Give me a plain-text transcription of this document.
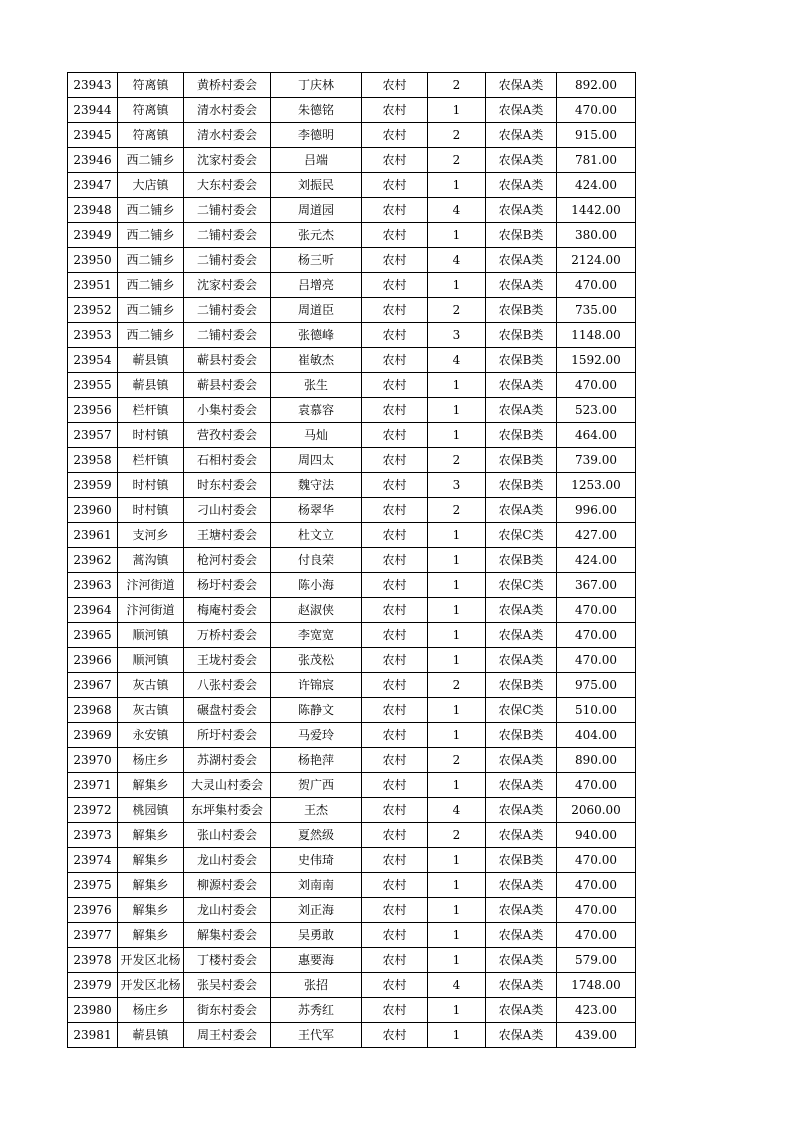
23943	符离镇	黄桥村委会	丁庆林	农村	2	农保A类	892.00
23944	符离镇	清水村委会	朱德铭	农村	1	农保A类	470.00
23945	符离镇	清水村委会	李德明	农村	2	农保A类	915.00
23946	西二铺乡	沈家村委会	吕端	农村	2	农保A类	781.00
23947	大店镇	大东村委会	刘振民	农村	1	农保A类	424.00
23948	西二铺乡	二铺村委会	周道园	农村	4	农保A类	1442.00
23949	西二铺乡	二铺村委会	张元杰	农村	1	农保B类	380.00
23950	西二铺乡	二铺村委会	杨三听	农村	4	农保A类	2124.00
23951	西二铺乡	沈家村委会	吕增亮	农村	1	农保A类	470.00
23952	西二铺乡	二铺村委会	周道臣	农村	2	农保B类	735.00
23953	西二铺乡	二铺村委会	张德峰	农村	3	农保B类	1148.00
23954	蕲县镇	蕲县村委会	崔敏杰	农村	4	农保B类	1592.00
23955	蕲县镇	蕲县村委会	张生	农村	1	农保A类	470.00
23956	栏杆镇	小集村委会	袁慕容	农村	1	农保A类	523.00
23957	时村镇	营孜村委会	马灿	农村	1	农保B类	464.00
23958	栏杆镇	石相村委会	周四太	农村	2	农保B类	739.00
23959	时村镇	时东村委会	魏守法	农村	3	农保B类	1253.00
23960	时村镇	刁山村委会	杨翠华	农村	2	农保A类	996.00
23961	支河乡	王塘村委会	杜文立	农村	1	农保C类	427.00
23962	蒿沟镇	枪河村委会	付良荣	农村	1	农保B类	424.00
23963	汴河街道	杨圩村委会	陈小海	农村	1	农保C类	367.00
23964	汴河街道	梅庵村委会	赵淑侠	农村	1	农保A类	470.00
23965	顺河镇	万桥村委会	李宽宽	农村	1	农保A类	470.00
23966	顺河镇	王垅村委会	张茂松	农村	1	农保A类	470.00
23967	灰古镇	八张村委会	许锦宸	农村	2	农保B类	975.00
23968	灰古镇	碾盘村委会	陈静文	农村	1	农保C类	510.00
23969	永安镇	所圩村委会	马爱玲	农村	1	农保B类	404.00
23970	杨庄乡	苏湖村委会	杨艳萍	农村	2	农保A类	890.00
23971	解集乡	大灵山村委会	贺广西	农村	1	农保A类	470.00
23972	桃园镇	东坪集村委会	王杰	农村	4	农保A类	2060.00
23973	解集乡	张山村委会	夏然级	农村	2	农保A类	940.00
23974	解集乡	龙山村委会	史伟琦	农村	1	农保B类	470.00
23975	解集乡	柳源村委会	刘南南	农村	1	农保A类	470.00
23976	解集乡	龙山村委会	刘正海	农村	1	农保A类	470.00
23977	解集乡	解集村委会	吴勇敢	农村	1	农保A类	470.00
23978	开发区北杨	丁楼村委会	惠要海	农村	1	农保A类	579.00
23979	开发区北杨	张吴村委会	张招	农村	4	农保A类	1748.00
23980	杨庄乡	街东村委会	苏秀红	农村	1	农保A类	423.00
23981	蕲县镇	周王村委会	王代军	农村	1	农保A类	439.00
